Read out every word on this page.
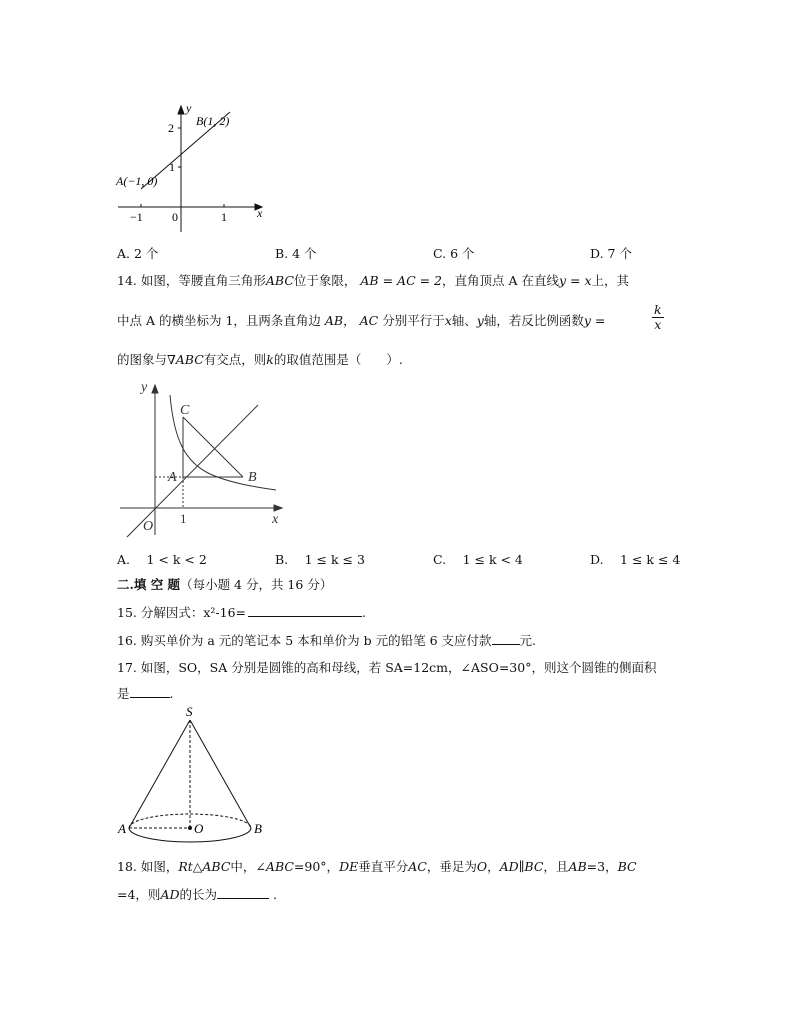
y
x
2
1
−1 0	1
B(1, 2)
A(−1, 0)
A. 2 个	B. 4 个	C. 6 个	D. 7 个
14. 如图，等腰直角三角形ABC位于象限， AB = AC = 2，直角顶点 A 在直线y = x上，其
中点 A 的横坐标为 1，且两条直角边 AB， AC 分别平行于x轴、y轴，若反比例函数y =	$\frac{k}{x}$
的图象与∇ABC有交点，则k的取值范围是（　　）.
y
x
O
1
C
A	B
A.　 1 < k < 2	B.　 1 ≤ k ≤ 3	C.　 1 ≤ k < 4	D.　 1 ≤ k ≤ 4
二.填 空 题（每小题 4 分，共 16 分）
15. 分解因式：x²-16=	.
16. 购买单价为 a 元的笔记本 5 本和单价为 b 元的铅笔 6 支应付款 元.
17. 如图，SO，SA 分别是圆锥的高和母线，若 SA=12cm，∠ASO=30°，则这个圆锥的侧面积
是	.
S
A	O	B
18. 如图，Rt△ABC中，∠ABC=90°，DE垂直平分AC，垂足为O，AD∥BC，且AB=3，BC
=4，则AD的长为	.
